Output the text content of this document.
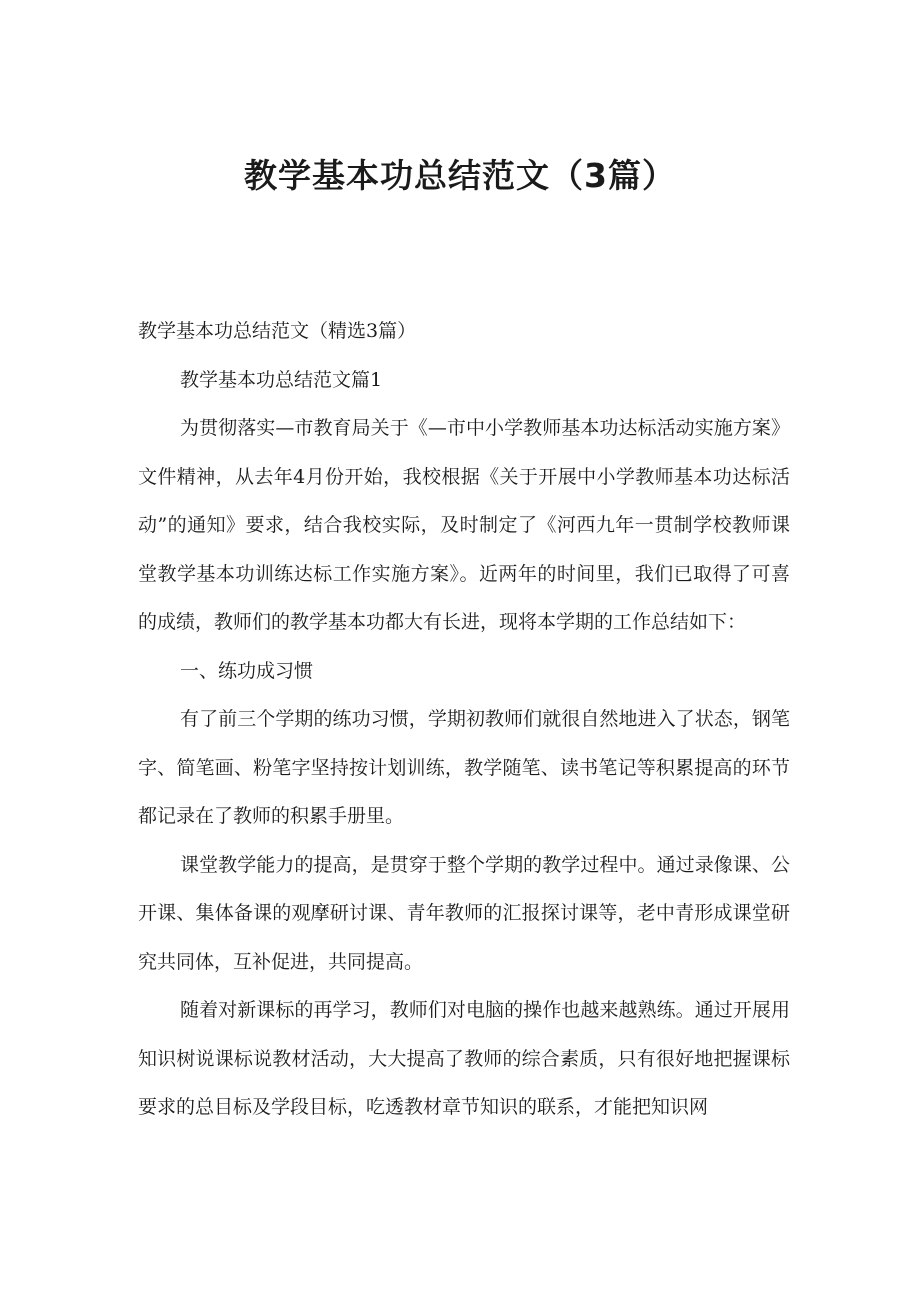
教学基本功总结范文（3篇）

教学基本功总结范文（精选3篇）

教学基本功总结范文篇1

为贯彻落实—市教育局关于《—市中小学教师基本功达标活动实施方案》文件精神，从去年4月份开始，我校根据《关于开展中小学教师基本功达标活动”的通知》要求，结合我校实际，及时制定了《河西九年一贯制学校教师课堂教学基本功训练达标工作实施方案》。近两年的时间里，我们已取得了可喜的成绩，教师们的教学基本功都大有长进，现将本学期的工作总结如下：

一、练功成习惯

有了前三个学期的练功习惯，学期初教师们就很自然地进入了状态，钢笔字、简笔画、粉笔字坚持按计划训练，教学随笔、读书笔记等积累提高的环节都记录在了教师的积累手册里。

课堂教学能力的提高，是贯穿于整个学期的教学过程中。通过录像课、公开课、集体备课的观摩研讨课、青年教师的汇报探讨课等，老中青形成课堂研究共同体，互补促进，共同提高。

随着对新课标的再学习，教师们对电脑的操作也越来越熟练。通过开展用知识树说课标说教材活动，大大提高了教师的综合素质，只有很好地把握课标要求的总目标及学段目标，吃透教材章节知识的联系，才能把知识网
